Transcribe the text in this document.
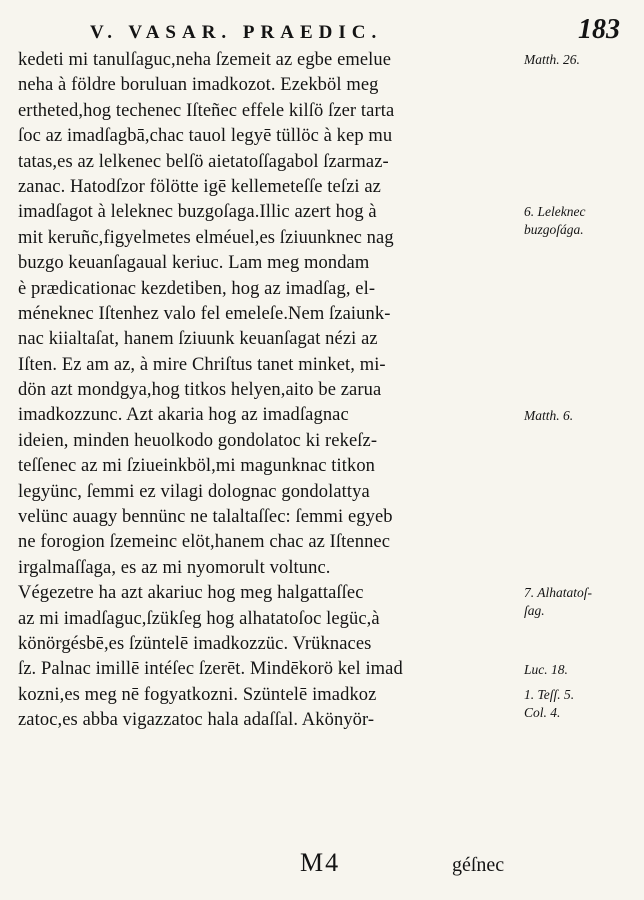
V. VASAR. PRAEDIC.	183
kedeti mi tanulſaguc,neha ſzemeit az egbe emelue
neha à földre boruluan imadkozot. Ezekböl meg
ertheted,hog techenec Iſteñec effele kilſö ſzer tarta
ſoc az imadſagbā,chac tauol legyē tüllöc à kep mu
tatas,es az lelkenec belſö aietatoſſagabol ſzarmaz-
zanac. Hatodſzor fölötte igē kellemeteſſe teſzi az
imadſagot à leleknec buzgoſaga.Illic azert hog à
mit keruñc,figyelmetes elméuel,es ſziuunknec nag
buzgo keuanſagaual keriuc. Lam meg mondam
è prædicationac kezdetiben, hog az imadſag, el-
méneknec Iſtenhez valo fel emeleſe.Nem ſzaiunk-
nac kiialtaſat, hanem ſziuunk keuanſagat nézi az
Iſten. Ez am az, à mire Chriſtus tanet minket, mi-
dön azt mondgya,hog titkos helyen,aito be zarua
imadkozzunc. Azt akaria hog az imadſagnac
ideien, minden heuolkodo gondolatoc ki rekeſz-
teſſenec az mi ſziueinkböl,mi magunknac titkon
legyünc, ſemmi ez vilagi dolognac gondolattya
velünc auagy bennünc ne talaltaſſec: ſemmi egyeb
ne forogion ſzemeinc elöt,hanem chac az Iſtennec
irgalmaſſaga, es az mi nyomorult voltunc.
Végezetre ha azt akariuc hog meg halgattaſſec
az mi imadſaguc,ſzükſeg hog alhatatoſoc legüc,à
könörgésbē,es ſzüntelē imadkozzüc. Vrüknaces
ſz. Palnac imillē intéſec ſzerēt. Mindēkorö kel imad
kozni,es meg nē fogyatkozni. Szüntelē imadkoz
zatoc,es abba vigazzatoc hala adaſſal. Akönyör-
Matth. 26.
6. Leleknec
buzgoſága.
Matth. 6.
7. Alhatatoſ-
ſag.
Luc. 18.
1. Teſſ. 5.
Col. 4.
M4	géſnec
